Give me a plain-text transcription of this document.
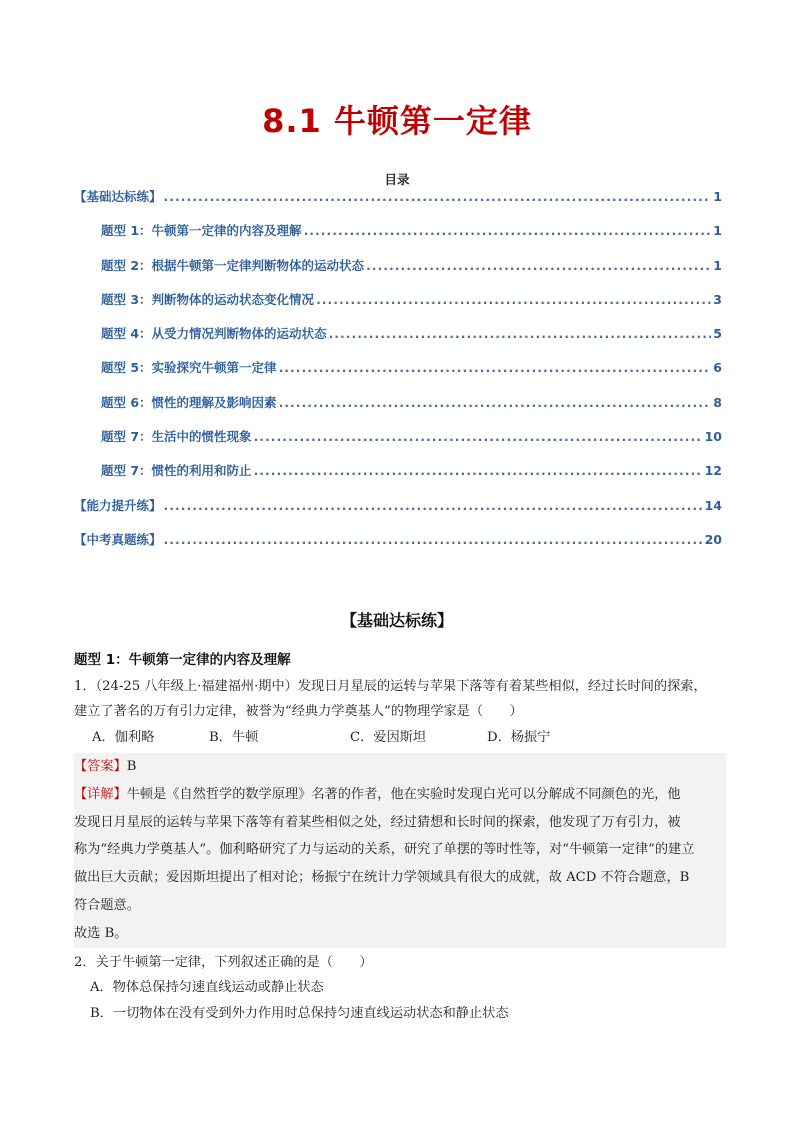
8.1 牛顿第一定律
目录
【基础达标练】 .....	1
题型 1：牛顿第一定律的内容及理解 .....	1
题型 2：根据牛顿第一定律判断物体的运动状态 .....	1
题型 3：判断物体的运动状态变化情况 .....	3
题型 4：从受力情况判断物体的运动状态 .....	5
题型 5：实验探究牛顿第一定律 .....	6
题型 6：惯性的理解及影响因素 .....	8
题型 7：生活中的惯性现象 .....	10
题型 7：惯性的利用和防止 .....	12
【能力提升练】 .....	14
【中考真题练】 .....	20
【基础达标练】

题型 1：牛顿第一定律的内容及理解

1．（24-25 八年级上·福建福州·期中）发现日月星辰的运转与苹果下落等有着某些相似，经过长时间的探索，

建立了著名的万有引力定律，被誉为“经典力学奠基人”的物理学家是（　　）

A．伽利略	B．牛顿	C．爱因斯坦	D．杨振宁

【答案】B

【详解】牛顿是《自然哲学的数学原理》名著的作者，他在实验时发现白光可以分解成不同颜色的光，他

发现日月星辰的运转与苹果下落等有着某些相似之处，经过猜想和长时间的探索，他发现了万有引力，被

称为“经典力学奠基人”。伽利略研究了力与运动的关系，研究了单摆的等时性等，对“牛顿第一定律”的建立

做出巨大贡献；爱因斯坦提出了相对论；杨振宁在统计力学领域具有很大的成就，故 ACD 不符合题意，B

符合题意。

故选 B。

2．关于牛顿第一定律，下列叙述正确的是（　　）

A．物体总保持匀速直线运动或静止状态

B．一切物体在没有受到外力作用时总保持匀速直线运动状态和静止状态
